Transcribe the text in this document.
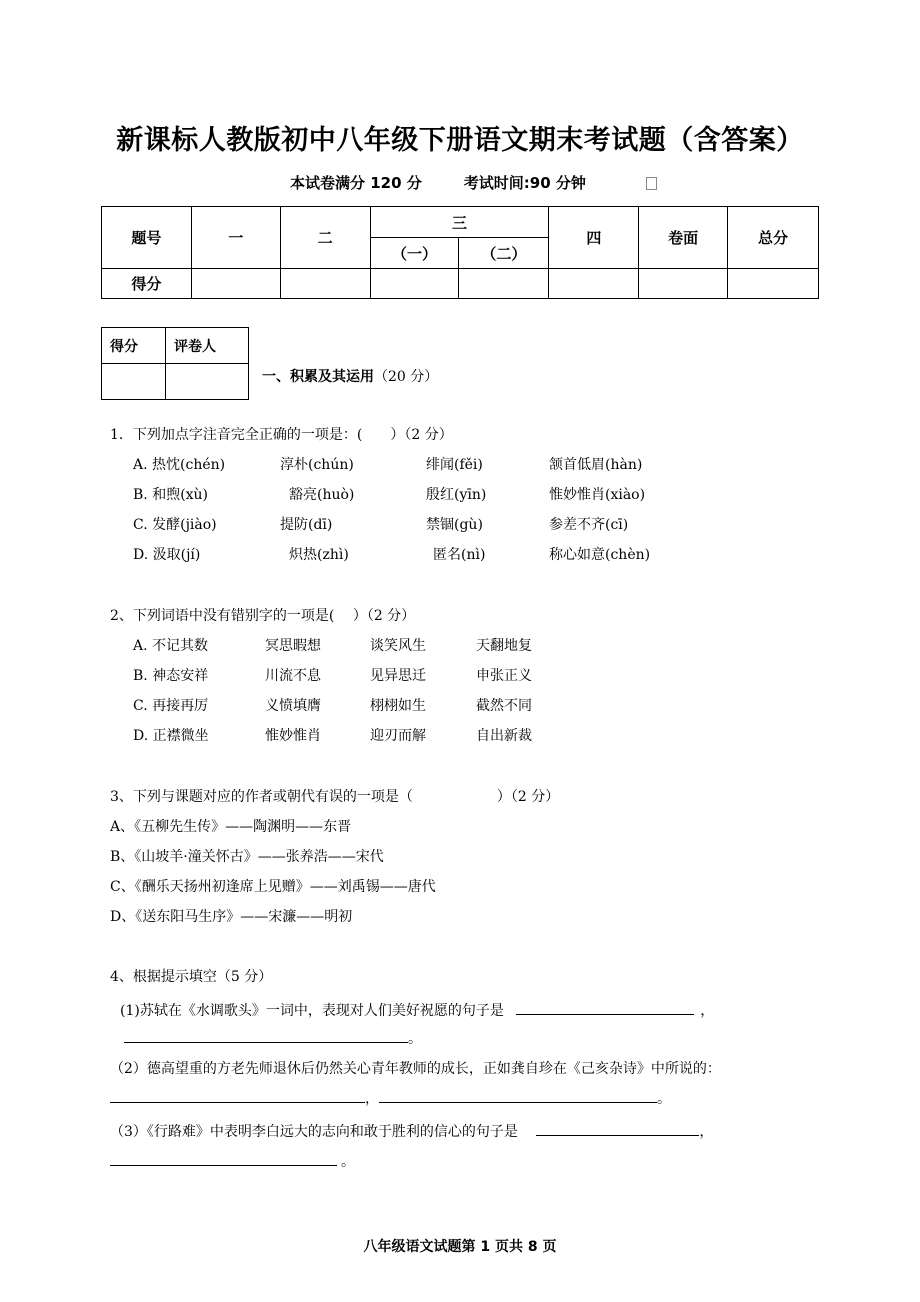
新课标人教版初中八年级下册语文期末考试题（含答案）
本试卷满分 120 分	考试时间:90 分钟
题号	一	二	三		四	卷面	总分
			（一）	（二）			
得分							
得分	评卷人

一、积累及其运用（20 分）
1．下列加点字注音完全正确的一项是：(　　）（2 分）
A. 热忱(chén)	淳朴(chún)	绯闻(fěi)	颔首低眉(hàn)
B. 和煦(xù)	豁亮(huò)	殷红(yīn)	惟妙惟肖(xiào)
C. 发酵(jiào)	提防(dī)	禁锢(gù)	参差不齐(cī)
D. 汲取(jí)	炽热(zhì)	匿名(nì)	称心如意(chèn)
2、下列词语中没有错别字的一项是(　 ）（2 分）
A. 不记其数	冥思暇想	谈笑风生	天翻地复
B. 神态安祥	川流不息	见异思迁	申张正义
C. 再接再厉	义愤填膺	栩栩如生	截然不同
D. 正襟微坐	惟妙惟肖	迎刃而解	自出新裁
3、下列与课题对应的作者或朝代有误的一项是（　　　　　　）（2 分）
A、《五柳先生传》——陶渊明——东晋
B、《山坡羊·潼关怀古》——张养浩——宋代
C、《酬乐天扬州初逢席上见赠》——刘禹锡——唐代
D、《送东阳马生序》——宋濂——明初
4、根据提示填空（5 分）
(1)苏轼在《水调歌头》一词中，表现对人们美好祝愿的句子是	，
。
（2）德高望重的方老先师退休后仍然关心青年教师的成长，正如龚自珍在《己亥杂诗》中所说的：
，	。
（3）《行路难》中表明李白远大的志向和敢于胜利的信心的句子是	，
。
八年级语文试题第 1 页共 8 页
